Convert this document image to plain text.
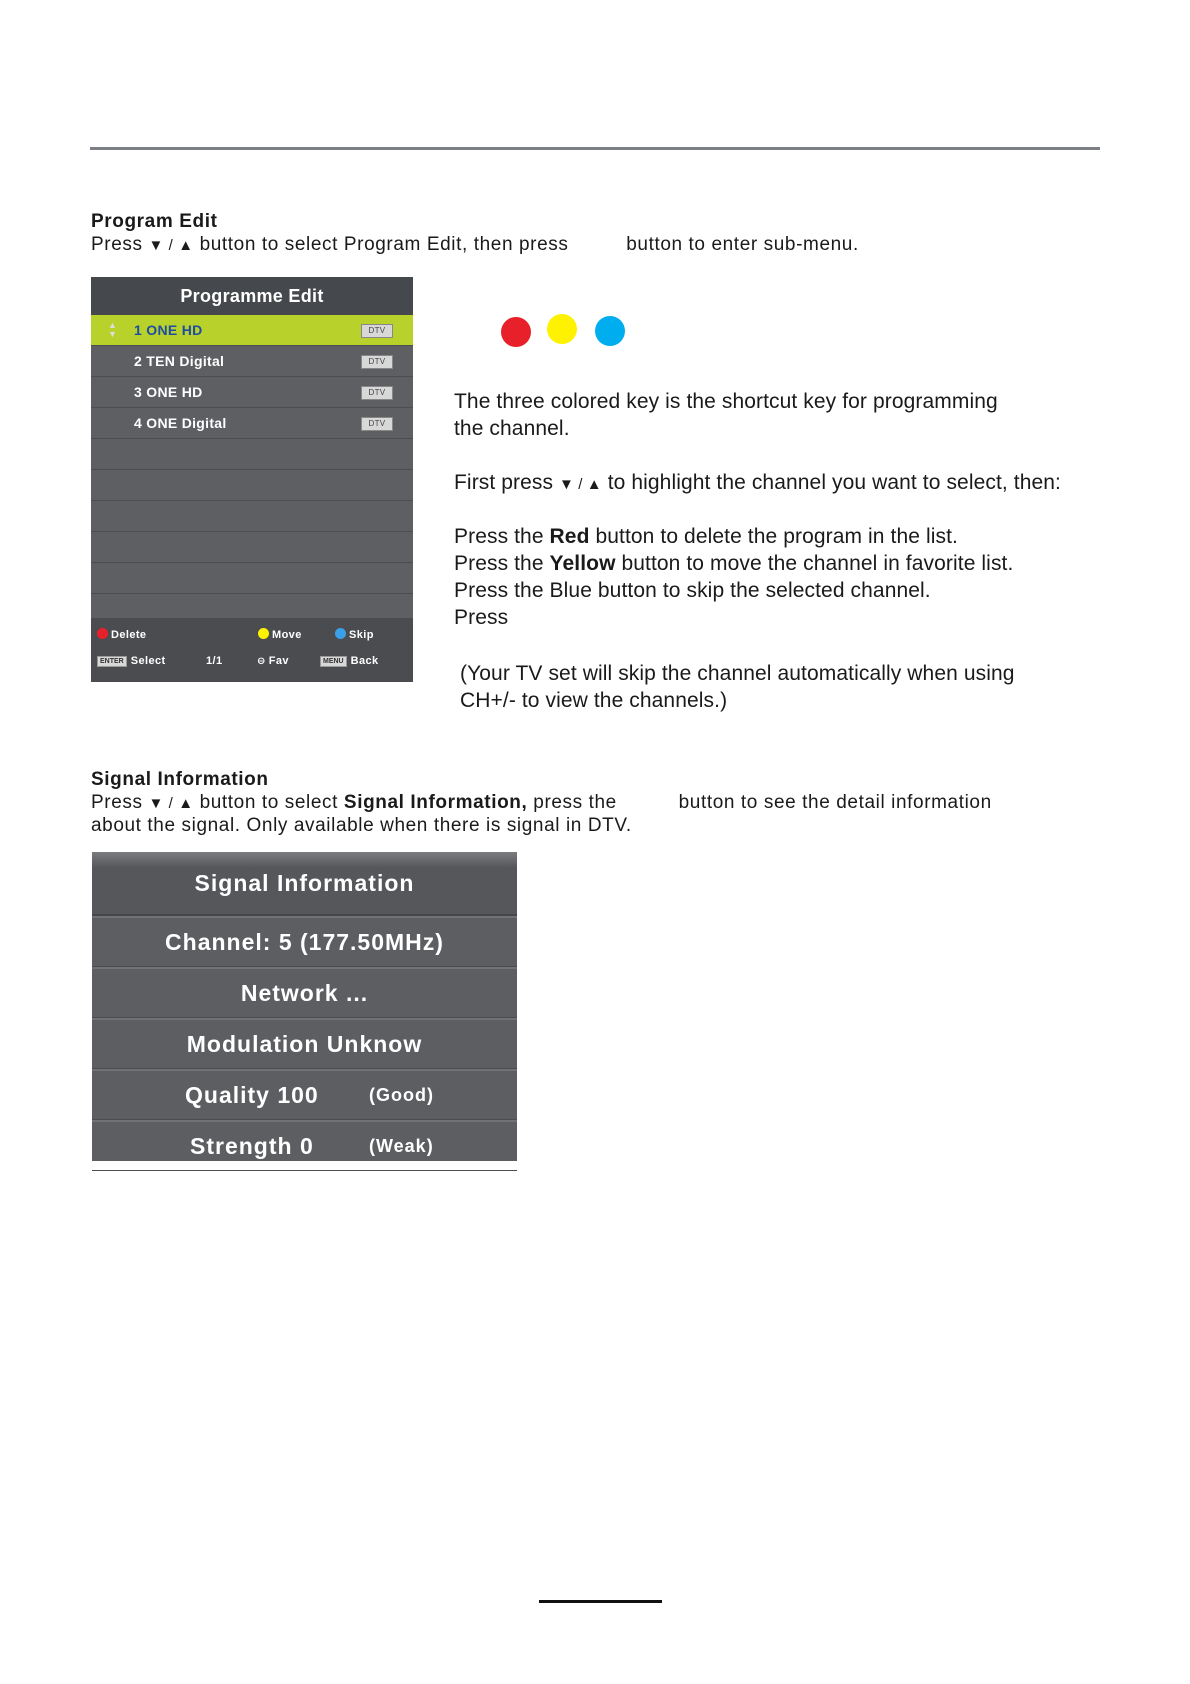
Program Edit
Press ▼ / ▲ button to select Program Edit, then press	button to enter sub-menu.
Programme Edit
▲
▼ 1 ONE HD	DTV
2 TEN Digital	DTV
3 ONE HD	DTV
4 ONE Digital	DTV
Delete	Move	Skip
ENTER Select	1/1	⊖ Fav	MENU Back
The three colored key is the shortcut key for programming
the channel.
First press ▼ / ▲ to highlight the channel you want to select, then:
Press the Red button to delete the program in the list.
Press the Yellow button to move the channel in favorite list.
Press the Blue button to skip the selected channel.
Press
(Your TV set will skip the channel automatically when using
CH+/- to view the channels.)
Signal Information
Press ▼ / ▲ button to select Signal Information, press the	button to see the detail information
about the signal. Only available when there is signal in DTV.
Signal Information
Channel: 5 (177.50MHz)
Network ...
Modulation Unknow
Quality 100	(Good)
Strength 0	(Weak)
